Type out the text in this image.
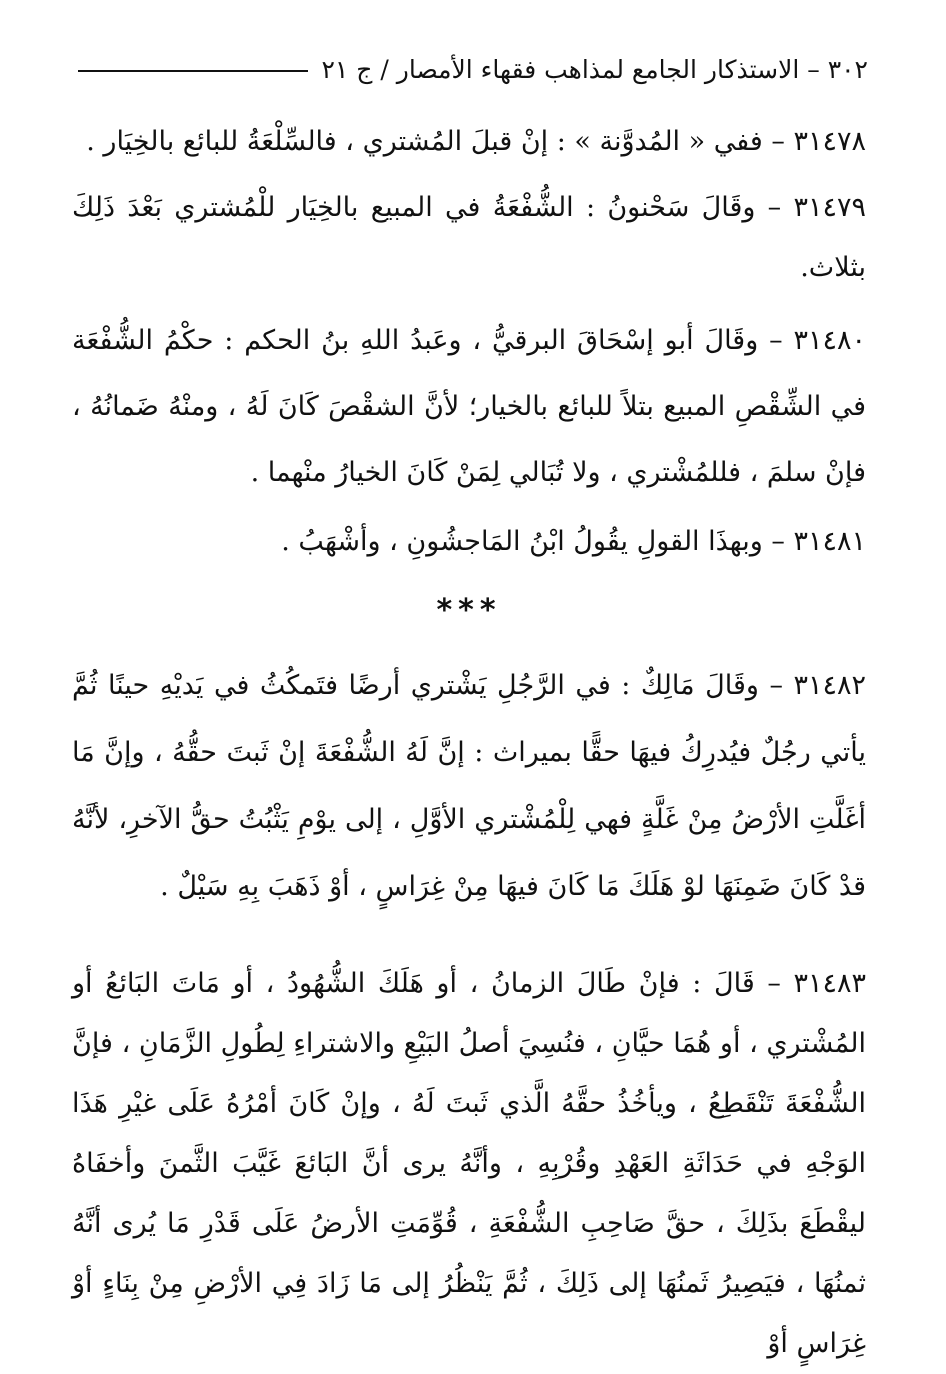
٣٠٢ – الاستذكار الجامع لمذاهب فقهاء الأمصار / ج ٢١

٣١٤٧٨ – ففي « المُدوَّنة » : إنْ قبلَ المُشتري ، فالسِّلْعَةُ للبائع بالخِيَار .

٣١٤٧٩ – وقَالَ سَحْنونُ : الشُّفْعَةُ في المبيع بالخِيَار للْمُشتري بَعْدَ ذَلِكَ بثلاث.

٣١٤٨٠ – وقَالَ أبو إسْحَاقَ البرقيُّ ، وعَبدُ اللهِ بنُ الحكم : حكْمُ الشُّفْعَة في الشِّقْصِ المبيع بتلاً للبائع بالخيار؛ لأنَّ الشقْصَ كَانَ لَهُ ، ومنْهُ ضَمانُهُ ، فإنْ سلمَ ، فللمُشْتري ، ولا تُبَالي لِمَنْ كَانَ الخيارُ منْهما .

٣١٤٨١ – وبهذَا القولِ يقُولُ ابْنُ المَاجشُونِ ، وأشْهَبُ .

***

٣١٤٨٢ – وقَالَ مَالِكٌ : في الرَّجُلِ يَشْتري أرضًا فتَمكُثُ في يَديْهِ حينًا ثُمَّ يأتي رجُلٌ فيُدرِكُ فيهَا حقًّا بميراث : إنَّ لَهُ الشُّفْعَةَ إنْ ثَبتَ حقُّهُ ، وإنَّ مَا أغَلَّتِ الأرْضُ مِنْ غَلَّةٍ فهي لِلْمُشْتري الأوَّلِ ، إلى يوْمِ يَثْبُتُ حقُّ الآخرِ، لأنَّهُ قدْ كَانَ ضَمِنَهَا لوْ هَلَكَ مَا كَانَ فيهَا مِنْ غِرَاسٍ ، أوْ ذَهَبَ بِهِ سَيْلٌ .

٣١٤٨٣ – قَالَ : فإنْ طَالَ الزمانُ ، أو هَلَكَ الشُّهُودُ ، أو مَاتَ البَائعُ أو المُشْتري ، أو هُمَا حيَّانِ ، فنُسِيَ أصلُ البَيْعِ والاشتراءِ لِطُولِ الزَّمَانِ ، فإنَّ الشُّفْعَةَ تَنْقَطِعُ ، ويأخُذُ حقَّهُ الَّذي ثَبتَ لَهُ ، وإنْ كَانَ أمْرُهُ عَلَى غيْرِ هَذَا الوَجْهِ في حَدَاثَةِ العَهْدِ وقُرْبِهِ ، وأنَّهُ يرى أنَّ البَائعَ غَيَّبَ الثَّمنَ وأخفَاهُ ليقْطَعَ بذَلِكَ ، حقَّ صَاحِبِ الشُّفْعَةِ ، قُوِّمَتِ الأرضُ عَلَى قَدْرِ مَا يُرى أنَّهُ ثمنُهَا ، فيَصِيرُ ثَمنُهَا إلى ذَلِكَ ، ثُمَّ يَنْظُرُ إلى مَا زَادَ فِي الأرْضِ مِنْ بِنَاءٍ أوْ غِرَاسٍ أوْ
